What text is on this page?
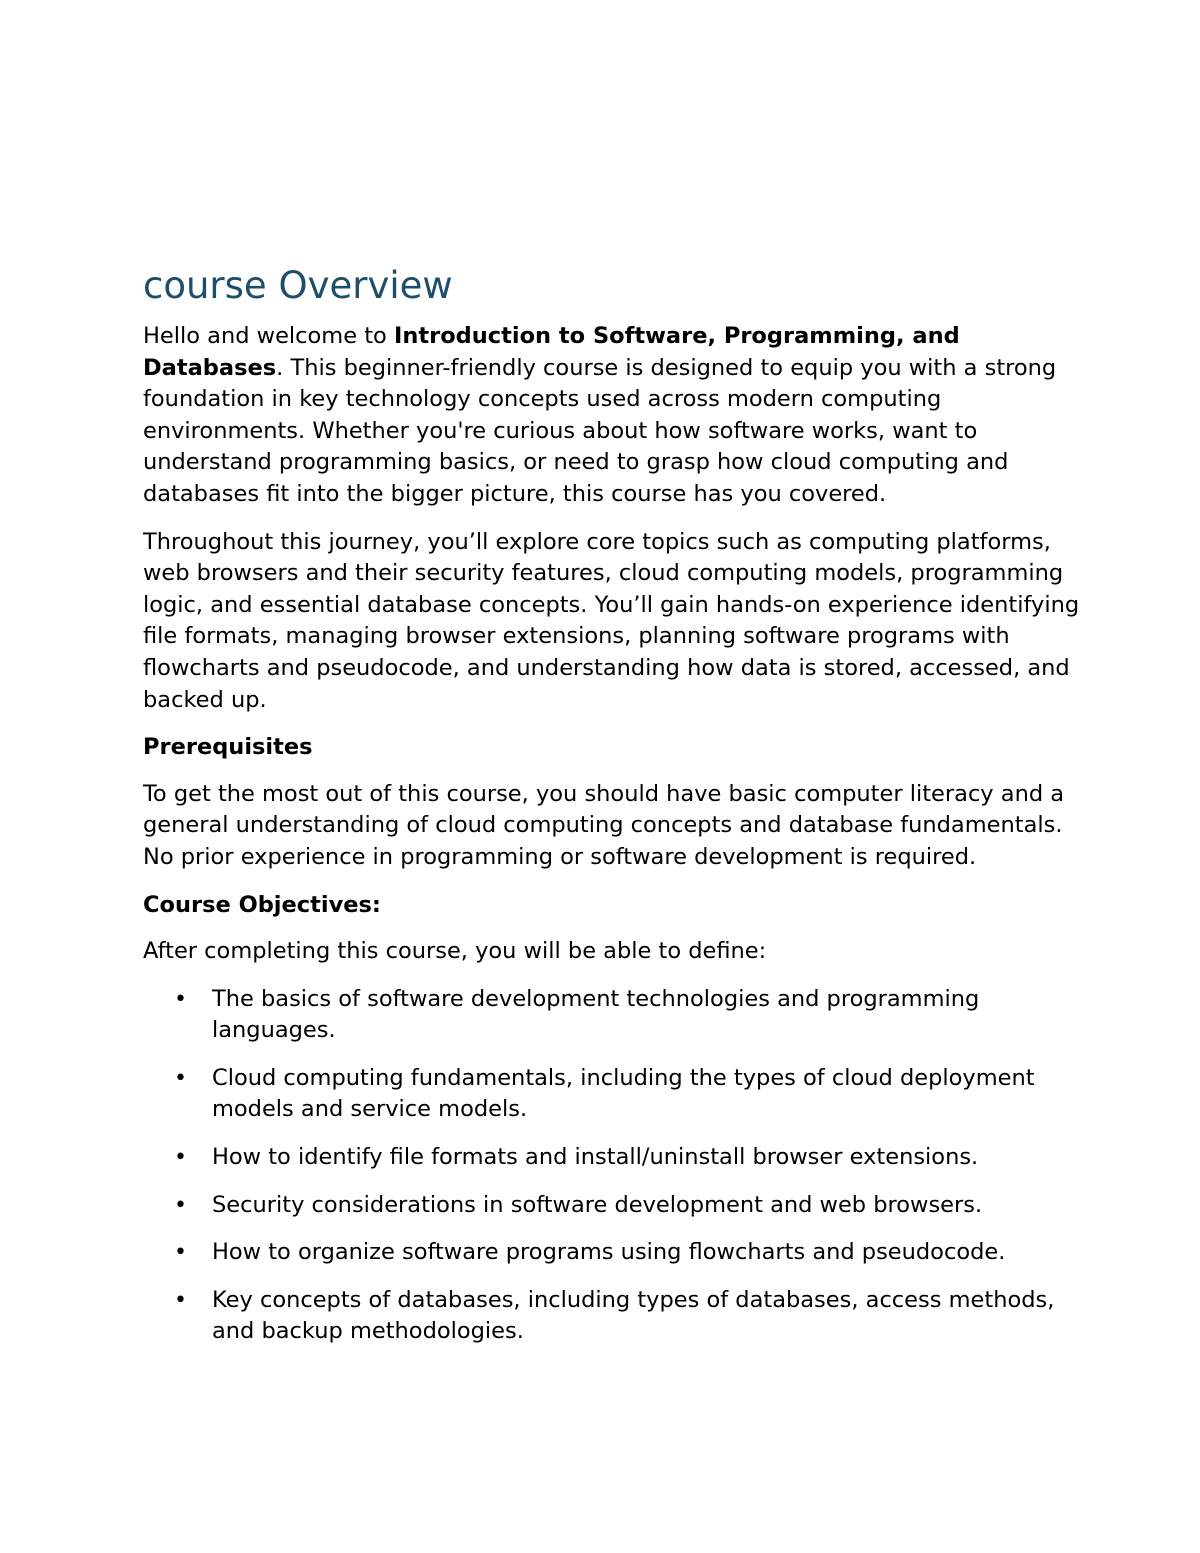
course Overview

Hello and welcome to Introduction to Software, Programming, and Databases. This beginner-friendly course is designed to equip you with a strong foundation in key technology concepts used across modern computing environments. Whether you're curious about how software works, want to understand programming basics, or need to grasp how cloud computing and databases fit into the bigger picture, this course has you covered.

Throughout this journey, you’ll explore core topics such as computing platforms, web browsers and their security features, cloud computing models, programming logic, and essential database concepts. You’ll gain hands-on experience identifying file formats, managing browser extensions, planning software programs with flowcharts and pseudocode, and understanding how data is stored, accessed, and backed up.

Prerequisites

To get the most out of this course, you should have basic computer literacy and a general understanding of cloud computing concepts and database fundamentals. No prior experience in programming or software development is required.

Course Objectives:

After completing this course, you will be able to define:

• The basics of software development technologies and programming languages.
• Cloud computing fundamentals, including the types of cloud deployment models and service models.
• How to identify file formats and install/uninstall browser extensions.
• Security considerations in software development and web browsers.
• How to organize software programs using flowcharts and pseudocode.
• Key concepts of databases, including types of databases, access methods, and backup methodologies.
